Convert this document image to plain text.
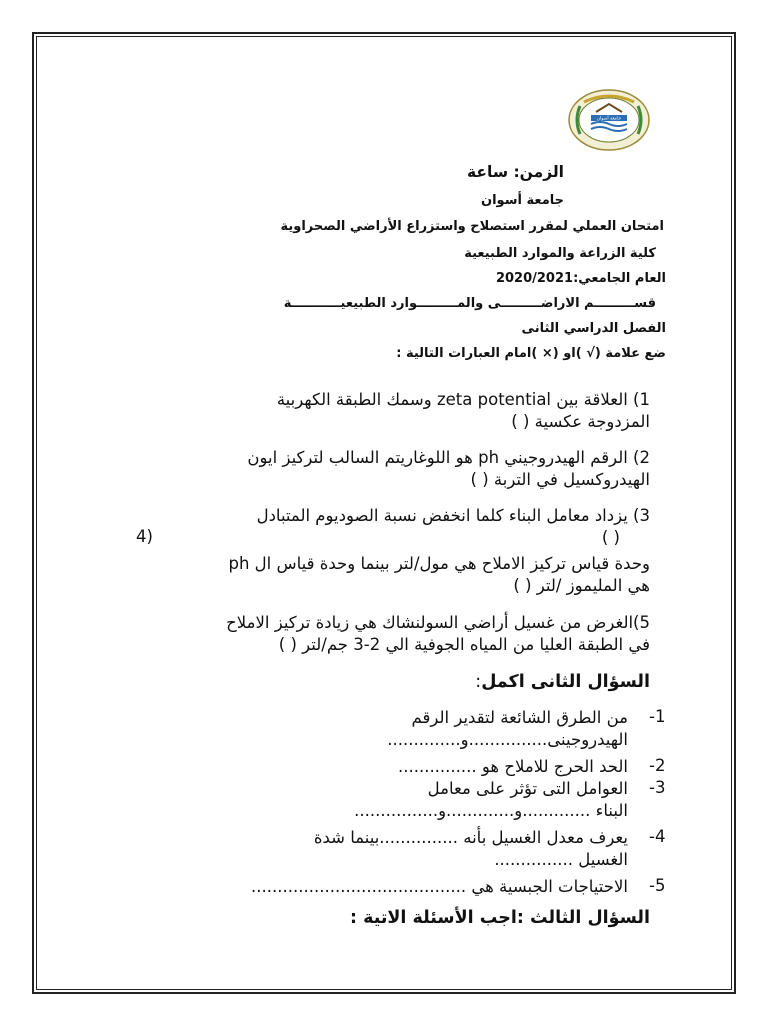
جامعة أسوان
الزمن: ساعة
جامعة أسوان
امتحان العملي لمقرر استصلاح واستزراع الأراضي الصحراوية
كلية الزراعة والموارد الطبيعية
العام الجامعي:2020/2021
قســـــــــم الاراضـــــــــى والمـــــــــوارد الطبيعيـــــــــــة
الفصل الدراسي الثانى
ضع علامة (√ )او (× )امام العبارات التالية :
1) العلاقة بين zeta potential وسمك الطبقة الكهربية
المزدوجة عكسية ( )
2) الرقم الهيدروجيني ph هو اللوغاريتم السالب لتركيز ايون
الهيدروكسيل في التربة ( )
3) يزداد معامل البناء كلما انخفض نسبة الصوديوم المتبادل
( )
4)
وحدة قياس تركيز الاملاح هي مول/لتر بينما وحدة قياس ال ph
هي المليموز /لتر ( )
5)الغرض من غسيل أراضي السولنشاك هي زيادة تركيز الاملاح
في الطبقة العليا من المياه الجوفية الي 2-3 جم/لتر ( )
السؤال الثانى اكمل:
-1
من الطرق الشائعة لتقدير الرقم
الهيدروجينى...............و..............
-2
الحد الحرج للاملاح هو ...............
-3
العوامل التى تؤثر على معامل
البناء .............و.............و................
-4
يعرف معدل الغسيل بأنه ...............بينما شدة
الغسيل ...............
-5
الاحتياجات الجبسية هي .........................................
السؤال الثالث :اجب الأسئلة الاتية :
